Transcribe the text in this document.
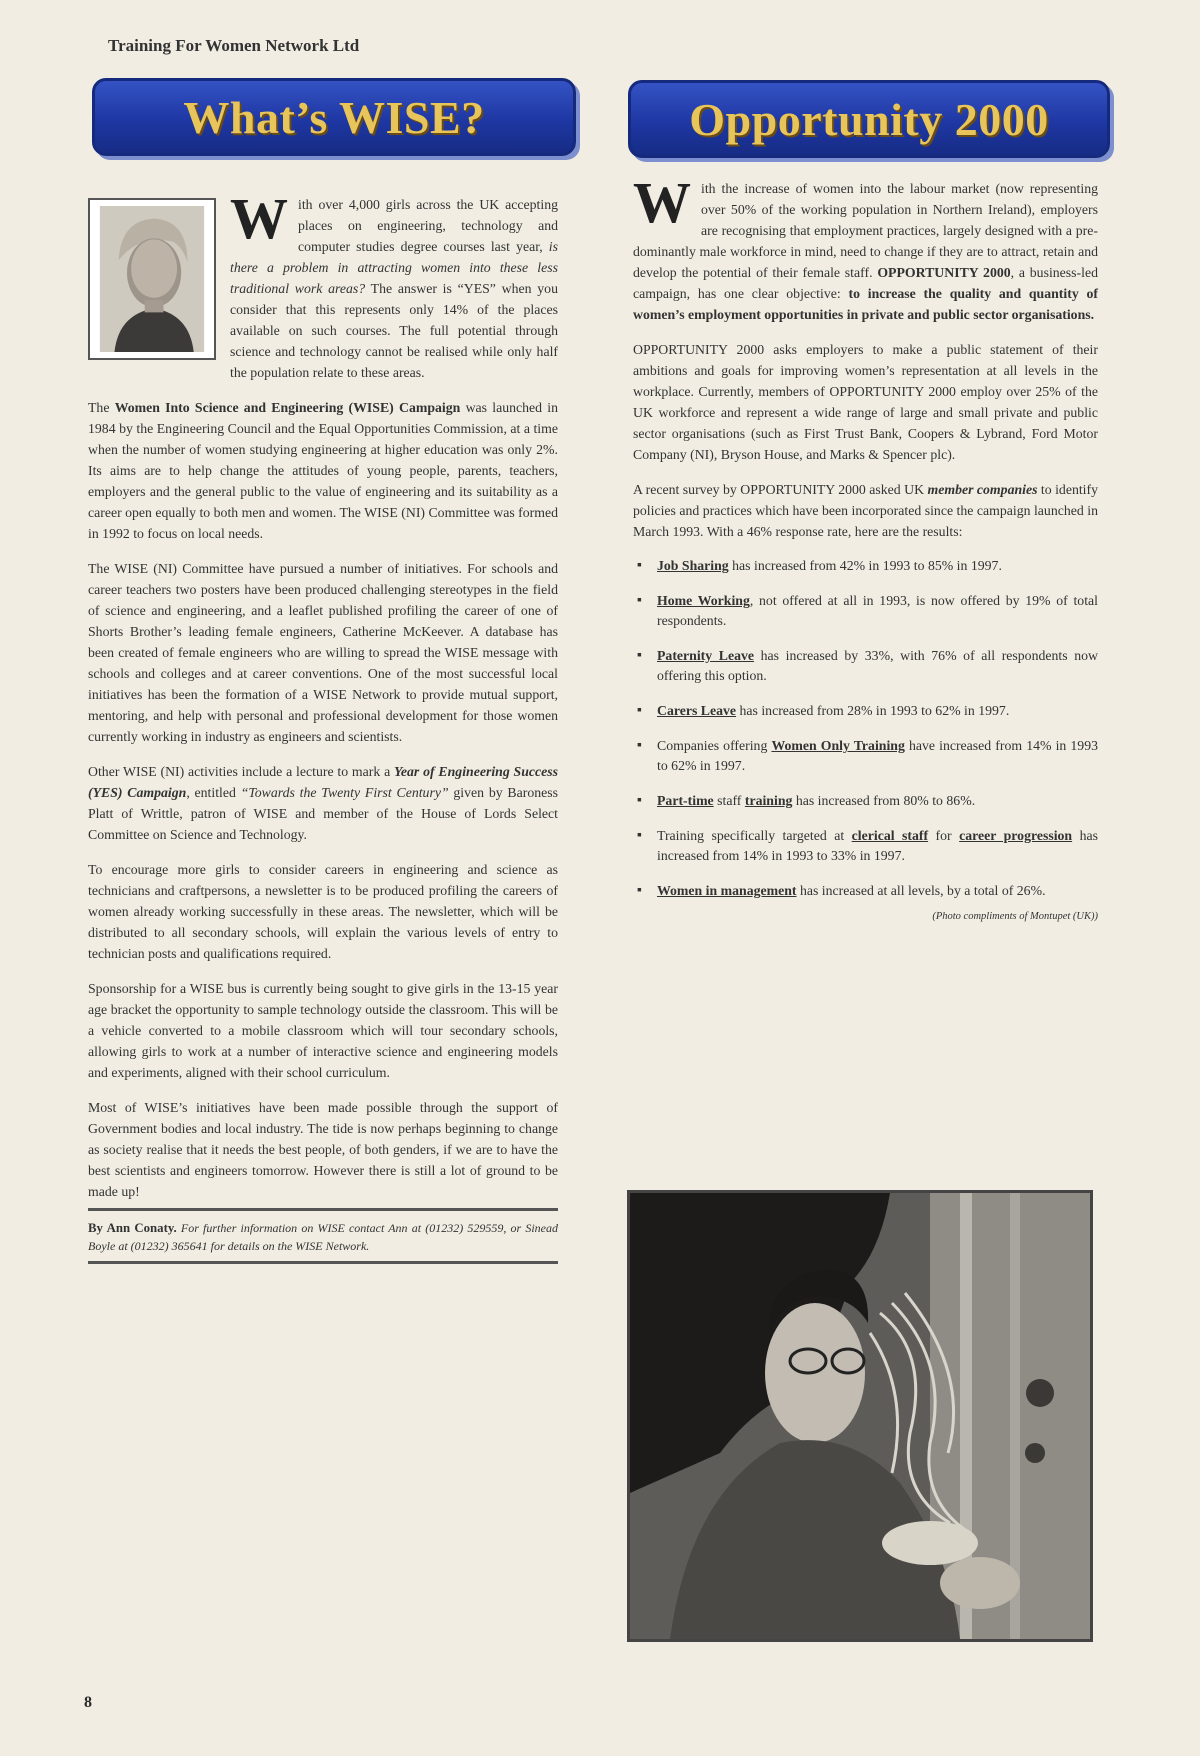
Training For Women Network Ltd
What’s WISE?	Opportunity 2000

With over 4,000 girls across the UK accepting places on engineering, technology and computer studies degree courses last year, is there a problem in attracting women into these less traditional work areas? The answer is “YES” when you consider that this represents only 14% of the places available on such courses. The full potential through science and technology cannot be realised while only half the population relate to these areas.

The Women Into Science and Engineering (WISE) Campaign was launched in 1984 by the Engineering Council and the Equal Opportunities Commission, at a time when the number of women studying engineering at higher education was only 2%. Its aims are to help change the attitudes of young people, parents, teachers, employers and the general public to the value of engineering and its suitability as a career open equally to both men and women. The WISE (NI) Committee was formed in 1992 to focus on local needs.

The WISE (NI) Committee have pursued a number of initiatives. For schools and career teachers two posters have been produced challenging stereotypes in the field of science and engineering, and a leaflet published profiling the career of one of Shorts Brother’s leading female engineers, Catherine McKeever. A database has been created of female engineers who are willing to spread the WISE message with schools and colleges and at career conventions. One of the most successful local initiatives has been the formation of a WISE Network to provide mutual support, mentoring, and help with personal and professional development for those women currently working in industry as engineers and scientists.

Other WISE (NI) activities include a lecture to mark a Year of Engineering Success (YES) Campaign, entitled “Towards the Twenty First Century” given by Baroness Platt of Writtle, patron of WISE and member of the House of Lords Select Committee on Science and Technology.

To encourage more girls to consider careers in engineering and science as technicians and craftpersons, a newsletter is to be produced profiling the careers of women already working successfully in these areas. The newsletter, which will be distributed to all secondary schools, will explain the various levels of entry to technician posts and qualifications required.

Sponsorship for a WISE bus is currently being sought to give girls in the 13-15 year age bracket the opportunity to sample technology outside the classroom. This will be a vehicle converted to a mobile classroom which will tour secondary schools, allowing girls to work at a number of interactive science and engineering models and experiments, aligned with their school curriculum.

Most of WISE’s initiatives have been made possible through the support of Government bodies and local industry. The tide is now perhaps beginning to change as society realise that it needs the best people, of both genders, if we are to have the best scientists and engineers tomorrow. However there is still a lot of ground to be made up!

By Ann Conaty. For further information on WISE contact Ann at (01232) 529559, or Sinead Boyle at (01232) 365641 for details on the WISE Network.

With the increase of women into the labour market (now representing over 50% of the working population in Northern Ireland), employers are recognising that employment practices, largely designed with a pre-dominantly male workforce in mind, need to change if they are to attract, retain and develop the potential of their female staff. OPPORTUNITY 2000, a business-led campaign, has one clear objective: to increase the quality and quantity of women’s employment opportunities in private and public sector organisations.

OPPORTUNITY 2000 asks employers to make a public statement of their ambitions and goals for improving women’s representation at all levels in the workplace. Currently, members of OPPORTUNITY 2000 employ over 25% of the UK workforce and represent a wide range of large and small private and public sector organisations (such as First Trust Bank, Coopers & Lybrand, Ford Motor Company (NI), Bryson House, and Marks & Spencer plc).

A recent survey by OPPORTUNITY 2000 asked UK member companies to identify policies and practices which have been incorporated since the campaign launched in March 1993. With a 46% response rate, here are the results:

▪ Job Sharing has increased from 42% in 1993 to 85% in 1997.
▪ Home Working, not offered at all in 1993, is now offered by 19% of total respondents.
▪ Paternity Leave has increased by 33%, with 76% of all respondents now offering this option.
▪ Carers Leave has increased from 28% in 1993 to 62% in 1997.
▪ Companies offering Women Only Training have increased from 14% in 1993 to 62% in 1997.
▪ Part-time staff training has increased from 80% to 86%.
▪ Training specifically targeted at clerical staff for career progression has increased from 14% in 1993 to 33% in 1997.
▪ Women in management has increased at all levels, by a total of 26%.
(Photo compliments of Montupet (UK))
8
